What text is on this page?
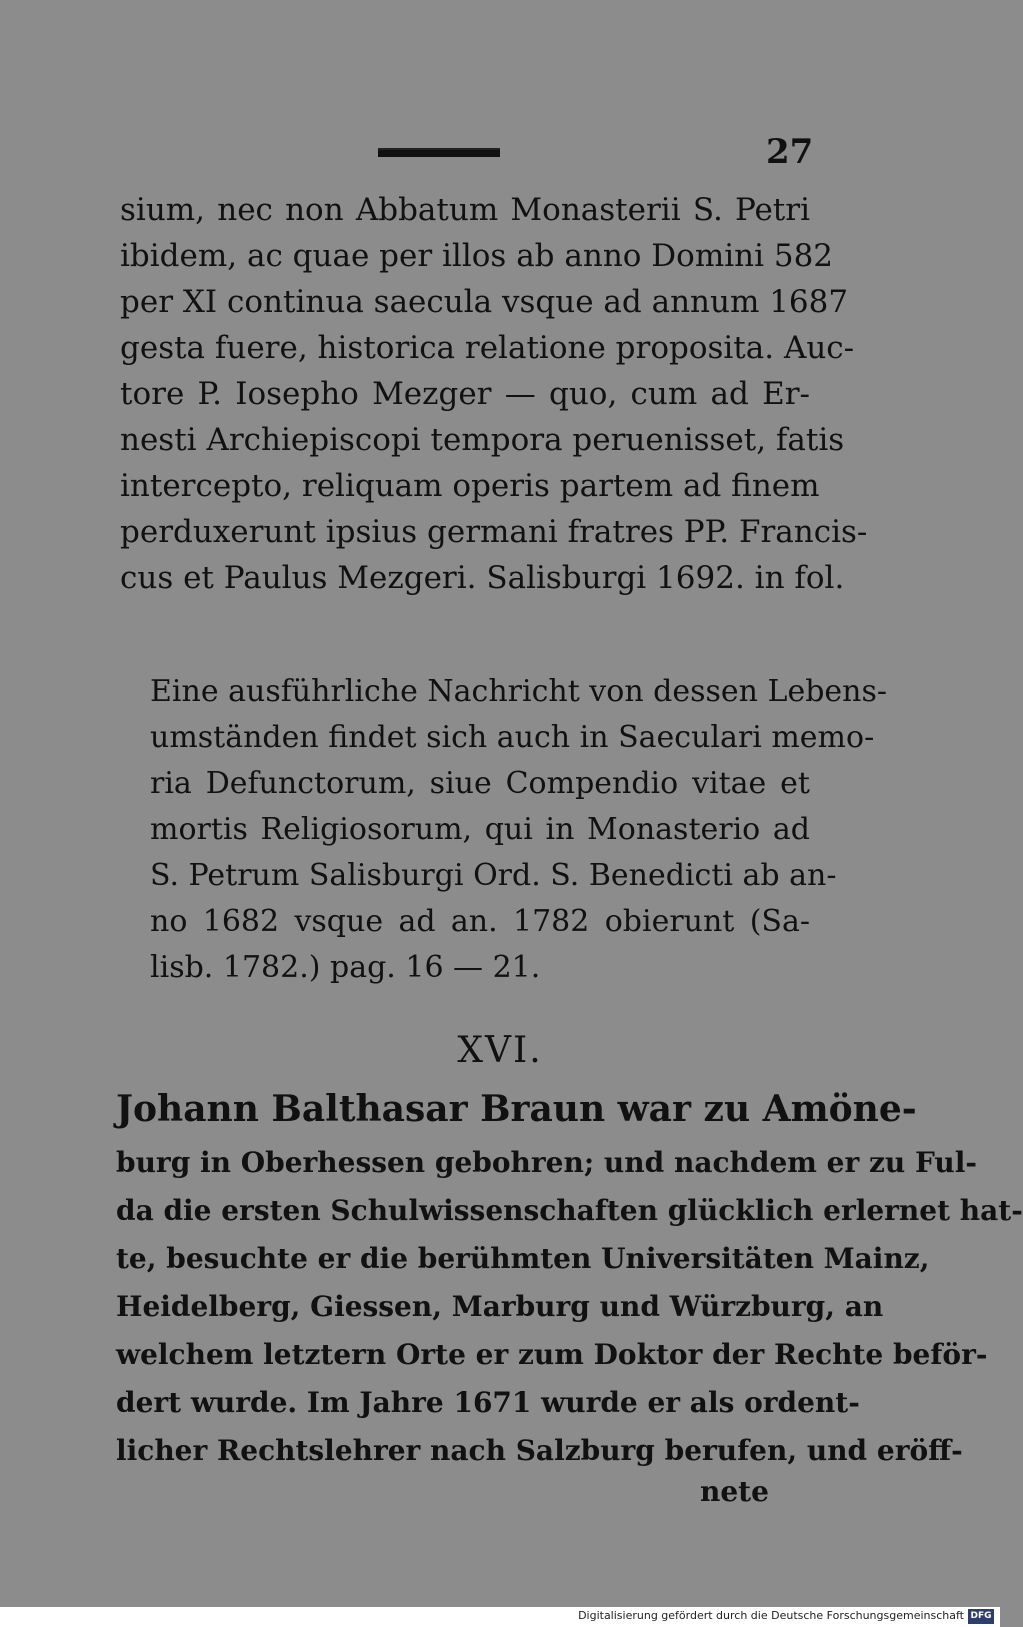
27
sium, nec non Abbatum Monasterii S. Petri
ibidem, ac quae per illos ab anno Domini 582
per XI continua saecula vsque ad annum 1687
gesta fuere, historica relatione proposita. Auc-
tore P. Iosepho Mezger — quo, cum ad Er-
nesti Archiepiscopi tempora peruenisset, fatis
intercepto, reliquam operis partem ad finem
perduxerunt ipsius germani fratres PP. Francis-
cus et Paulus Mezgeri. Salisburgi 1692. in fol.
Eine ausführliche Nachricht von dessen Lebens-
umständen findet sich auch in Saeculari memo-
ria Defunctorum, siue Compendio vitae et
mortis Religiosorum, qui in Monasterio ad
S. Petrum Salisburgi Ord. S. Benedicti ab an-
no 1682 vsque ad an. 1782 obierunt (Sa-
lisb. 1782.) pag. 16 — 21.
XVI.
Johann Balthasar Braun war zu Amöne-
burg in Oberhessen gebohren; und nachdem er zu Ful-
da die ersten Schulwissenschaften glücklich erlernet hat-
te, besuchte er die berühmten Universitäten Mainz,
Heidelberg, Giessen, Marburg und Würzburg, an
welchem letztern Orte er zum Doktor der Rechte beför-
dert wurde. Im Jahre 1671 wurde er als ordent-
licher Rechtslehrer nach Salzburg berufen, und eröff-
nete
Digitalisierung gefördert durch die Deutsche Forschungsgemeinschaft DFG
